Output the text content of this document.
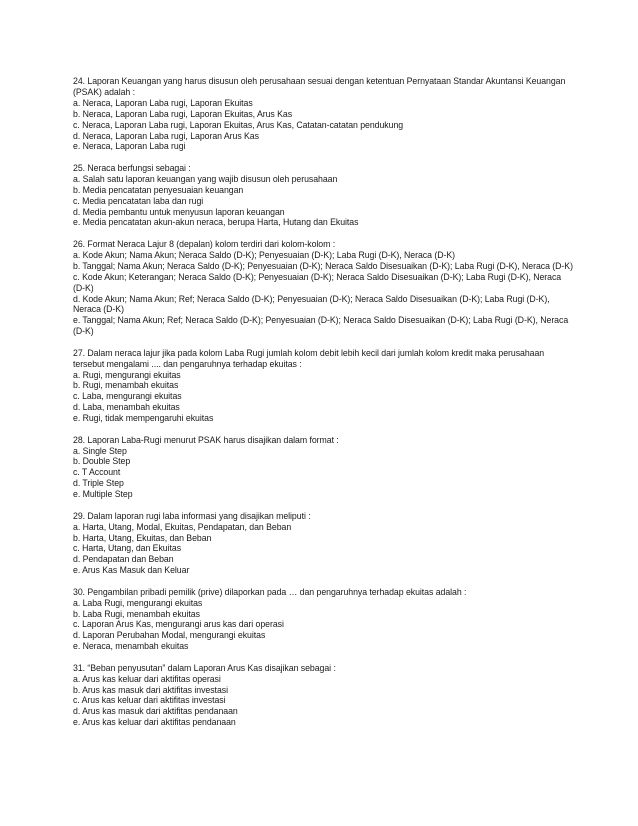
24. Laporan Keuangan yang harus disusun oleh perusahaan sesuai dengan ketentuan Pernyataan Standar Akuntansi Keuangan (PSAK) adalah :
a. Neraca, Laporan Laba rugi, Laporan Ekuitas
b. Neraca, Laporan Laba rugi, Laporan Ekuitas, Arus Kas
c. Neraca, Laporan Laba rugi, Laporan Ekuitas, Arus Kas, Catatan-catatan pendukung
d. Neraca, Laporan Laba rugi, Laporan Arus Kas
e. Neraca, Laporan Laba rugi
25. Neraca berfungsi sebagai :
a. Salah satu laporan keuangan yang wajib disusun oleh perusahaan
b. Media pencatatan penyesuaian keuangan
c. Media pencatatan laba dan rugi
d. Media pembantu untuk menyusun laporan keuangan
e. Media pencatatan akun-akun neraca, berupa Harta, Hutang dan Ekuitas
26. Format Neraca Lajur 8 (depalan) kolom terdiri dari kolom-kolom :
a. Kode Akun; Nama Akun; Neraca Saldo (D-K); Penyesuaian (D-K); Laba Rugi (D-K), Neraca (D-K)
b. Tanggal; Nama Akun; Neraca Saldo (D-K); Penyesuaian (D-K); Neraca Saldo Disesuaikan (D-K); Laba Rugi (D-K), Neraca (D-K)
c. Kode Akun; Keterangan; Neraca Saldo (D-K); Penyesuaian (D-K); Neraca Saldo Disesuaikan (D-K); Laba Rugi (D-K), Neraca (D-K)
d. Kode Akun; Nama Akun; Ref; Neraca Saldo (D-K); Penyesuaian (D-K); Neraca Saldo Disesuaikan (D-K); Laba Rugi (D-K), Neraca (D-K)
e. Tanggal; Nama Akun; Ref; Neraca Saldo (D-K); Penyesuaian (D-K); Neraca Saldo Disesuaikan (D-K); Laba Rugi (D-K), Neraca (D-K)
27. Dalam neraca lajur jika pada kolom Laba Rugi jumlah kolom debit lebih kecil dari jumlah kolom kredit maka perusahaan tersebut mengalami .... dan pengaruhnya terhadap ekuitas :
a. Rugi, mengurangi ekuitas
b. Rugi, menambah ekuitas
c. Laba, mengurangi ekuitas
d. Laba, menambah ekuitas
e. Rugi, tidak mempengaruhi ekuitas
28. Laporan Laba-Rugi menurut PSAK harus disajikan dalam format :
a. Single Step
b. Double Step
c. T Account
d. Triple Step
e. Multiple Step
29. Dalam laporan rugi laba informasi yang disajikan meliputi :
a. Harta, Utang, Modal, Ekuitas, Pendapatan, dan Beban
b. Harta, Utang, Ekuitas, dan Beban
c. Harta, Utang, dan Ekuitas
d. Pendapatan dan Beban
e. Arus Kas Masuk dan Keluar
30. Pengambilan pribadi pemilik (prive) dilaporkan pada … dan pengaruhnya terhadap ekuitas adalah :
a. Laba Rugi, mengurangi ekuitas
b. Laba Rugi, menambah ekuitas
c. Laporan Arus Kas, mengurangi arus kas dari operasi
d. Laporan Perubahan Modal, mengurangi ekuitas
e. Neraca, menambah ekuitas
31. “Beban penyusutan” dalam Laporan Arus Kas disajikan sebagai :
a. Arus kas keluar dari aktifitas operasi
b. Arus kas masuk dari aktifitas investasi
c. Arus kas keluar dari aktifitas investasi
d. Arus kas masuk dari aktifitas pendanaan
e. Arus kas keluar dari aktifitas pendanaan
